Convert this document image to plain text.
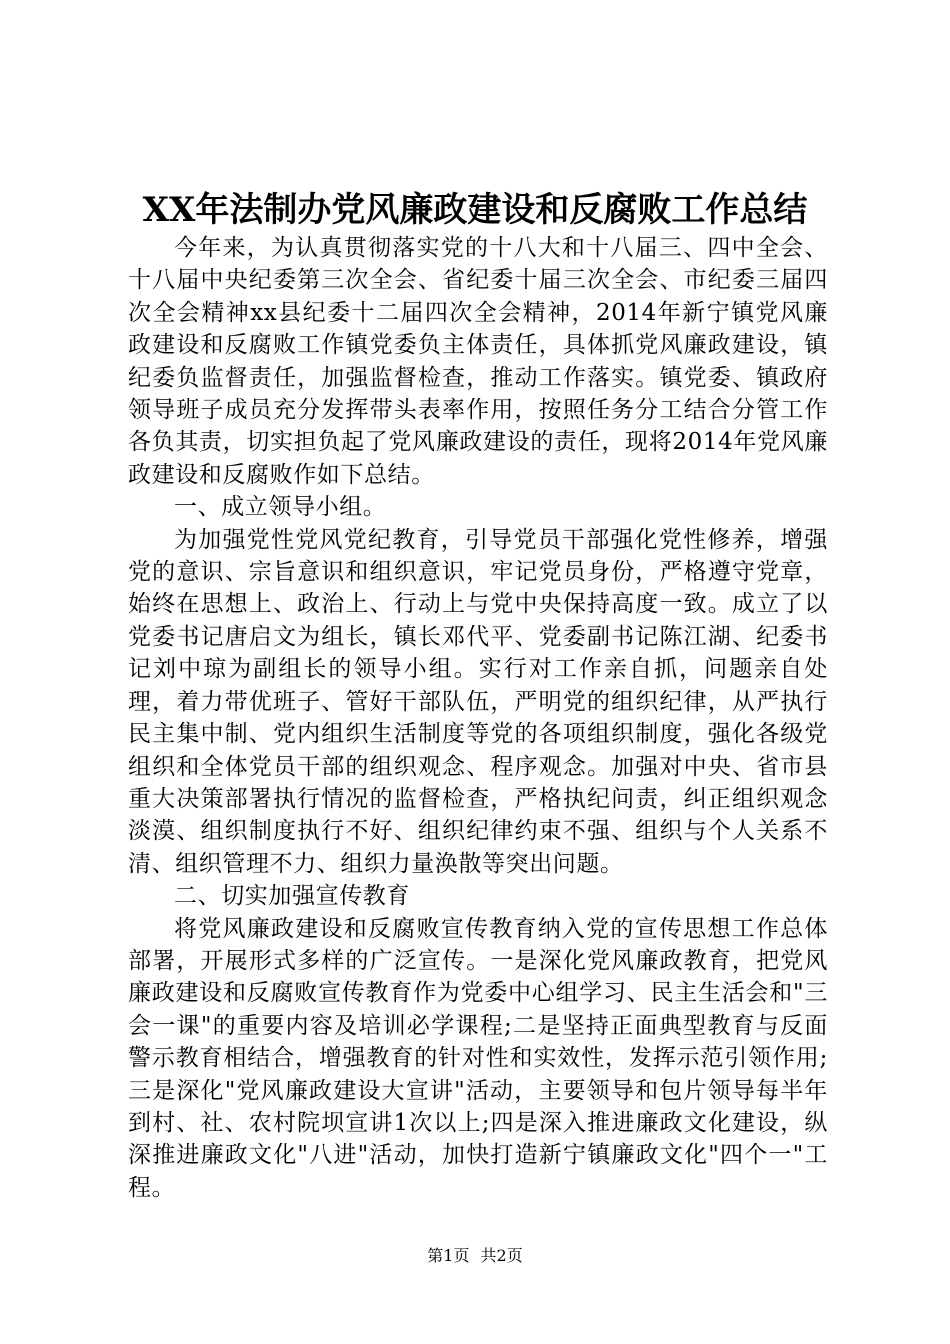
XX年法制办党风廉政建设和反腐败工作总结

今年来，为认真贯彻落实党的十八大和十八届三、四中全会、十八届中央纪委第三次全会、省纪委十届三次全会、市纪委三届四次全会精神xx县纪委十二届四次全会精神，2014年新宁镇党风廉政建设和反腐败工作镇党委负主体责任，具体抓党风廉政建设，镇纪委负监督责任，加强监督检查，推动工作落实。镇党委、镇政府领导班子成员充分发挥带头表率作用，按照任务分工结合分管工作各负其责，切实担负起了党风廉政建设的责任，现将2014年党风廉政建设和反腐败作如下总结。

一、成立领导小组。

为加强党性党风党纪教育，引导党员干部强化党性修养，增强党的意识、宗旨意识和组织意识，牢记党员身份，严格遵守党章，始终在思想上、政治上、行动上与党中央保持高度一致。成立了以党委书记唐启文为组长，镇长邓代平、党委副书记陈江湖、纪委书记刘中琼为副组长的领导小组。实行对工作亲自抓，问题亲自处理，着力带优班子、管好干部队伍，严明党的组织纪律，从严执行民主集中制、党内组织生活制度等党的各项组织制度，强化各级党组织和全体党员干部的组织观念、程序观念。加强对中央、省市县重大决策部署执行情况的监督检查，严格执纪问责，纠正组织观念淡漠、组织制度执行不好、组织纪律约束不强、组织与个人关系不清、组织管理不力、组织力量涣散等突出问题。

二、切实加强宣传教育

将党风廉政建设和反腐败宣传教育纳入党的宣传思想工作总体部署，开展形式多样的广泛宣传。一是深化党风廉政教育，把党风廉政建设和反腐败宣传教育作为党委中心组学习、民主生活会和"三会一课"的重要内容及培训必学课程;二是坚持正面典型教育与反面警示教育相结合，增强教育的针对性和实效性，发挥示范引领作用;三是深化"党风廉政建设大宣讲"活动，主要领导和包片领导每半年到村、社、农村院坝宣讲1次以上;四是深入推进廉政文化建设，纵深推进廉政文化"八进"活动，加快打造新宁镇廉政文化"四个一"工程。

第1页 共2页
